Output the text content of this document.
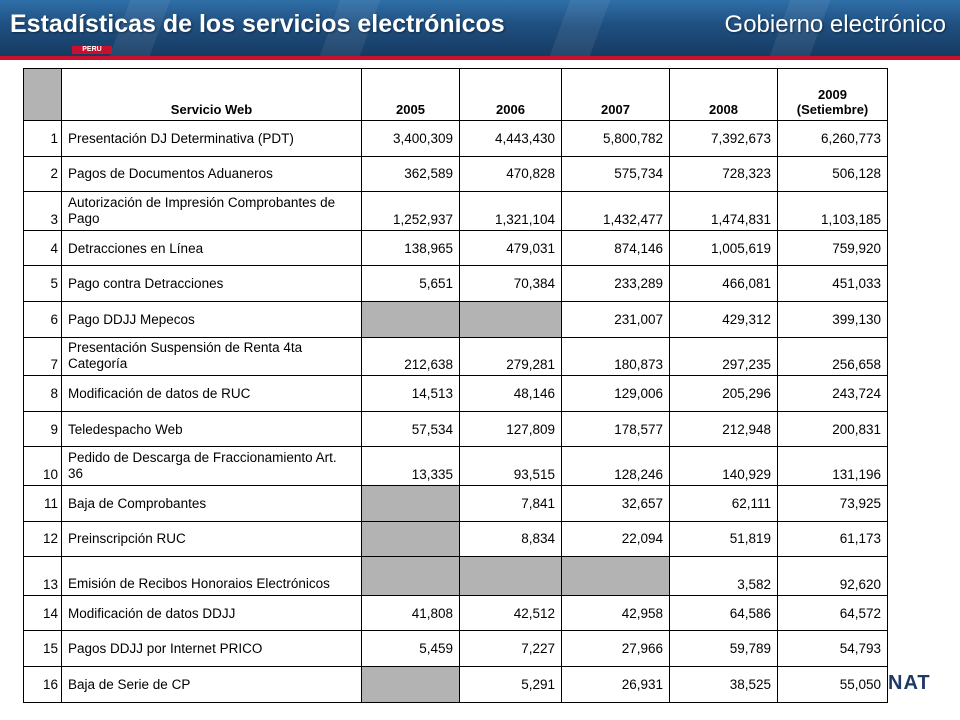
Estadísticas de los servicios electrónicos	Gobierno electrónico
PERU
NAT
	Servicio Web	2005	2006	2007	2008	2009 (Setiembre)
1	Presentación DJ Determinativa (PDT)	3,400,309	4,443,430	5,800,782	7,392,673	6,260,773
2	Pagos de Documentos Aduaneros	362,589	470,828	575,734	728,323	506,128
3	Autorización de Impresión Comprobantes de Pago	1,252,937	1,321,104	1,432,477	1,474,831	1,103,185
4	Detracciones en Línea	138,965	479,031	874,146	1,005,619	759,920
5	Pago contra Detracciones	5,651	70,384	233,289	466,081	451,033
6	Pago DDJJ Mepecos			231,007	429,312	399,130
7	Presentación Suspensión de Renta 4ta Categoría	212,638	279,281	180,873	297,235	256,658
8	Modificación de datos de RUC	14,513	48,146	129,006	205,296	243,724
9	Teledespacho Web	57,534	127,809	178,577	212,948	200,831
10	Pedido de Descarga de Fraccionamiento Art. 36	13,335	93,515	128,246	140,929	131,196
11	Baja de Comprobantes		7,841	32,657	62,111	73,925
12	Preinscripción RUC		8,834	22,094	51,819	61,173
13	Emisión de Recibos Honoraios Electrónicos				3,582	92,620
14	Modificación de datos DDJJ	41,808	42,512	42,958	64,586	64,572
15	Pagos DDJJ por Internet PRICO	5,459	7,227	27,966	59,789	54,793
16	Baja de Serie de CP		5,291	26,931	38,525	55,050
